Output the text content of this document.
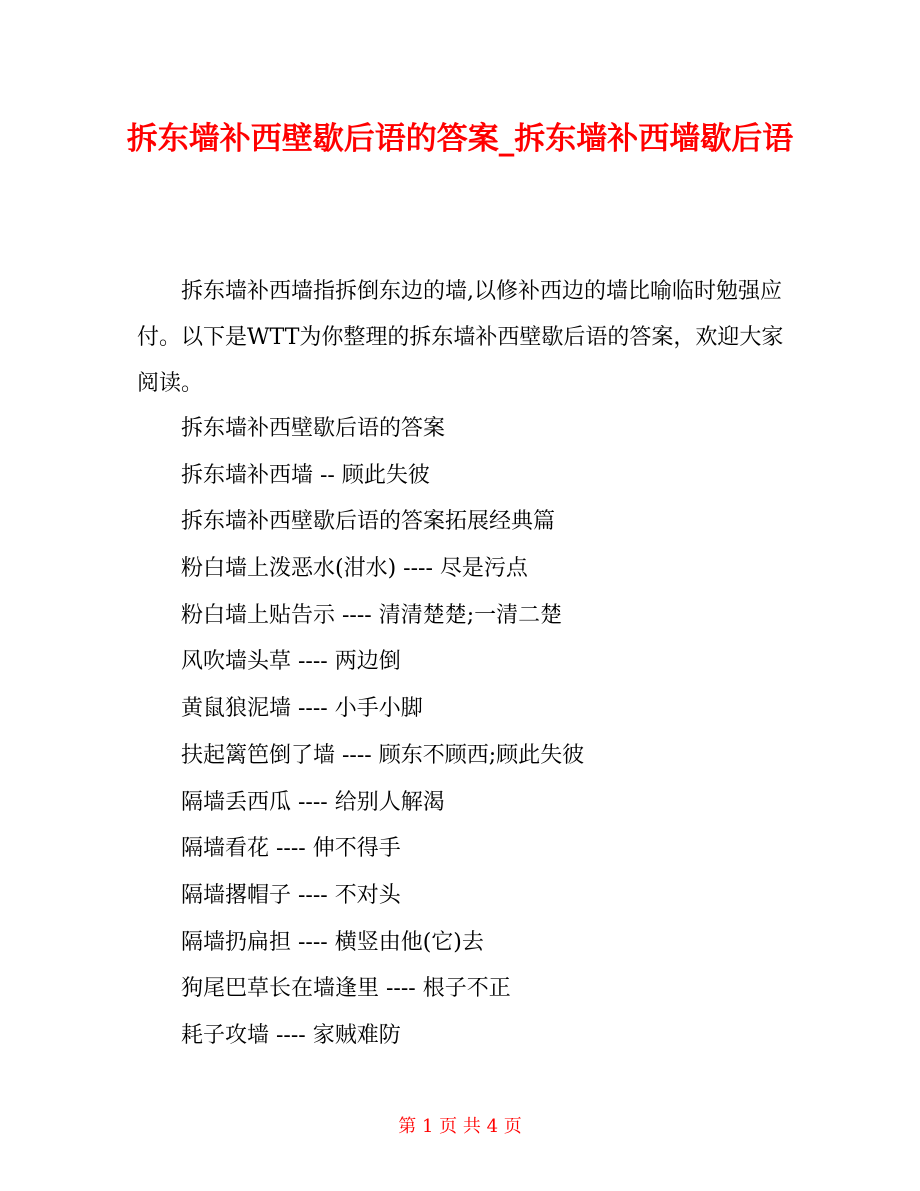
拆东墙补西壁歇后语的答案_拆东墙补西墙歇后语

拆东墙补西墙指拆倒东边的墙,以修补西边的墙比喻临时勉强应付。以下是WTT为你整理的拆东墙补西壁歇后语的答案，欢迎大家阅读。

拆东墙补西壁歇后语的答案
拆东墙补西墙 -- 顾此失彼
拆东墙补西壁歇后语的答案拓展经典篇
粉白墙上泼恶水(泔水) ---- 尽是污点
粉白墙上贴告示 ---- 清清楚楚;一清二楚
风吹墙头草 ---- 两边倒
黄鼠狼泥墙 ---- 小手小脚
扶起篱笆倒了墙 ---- 顾东不顾西;顾此失彼
隔墙丢西瓜 ---- 给别人解渴
隔墙看花 ---- 伸不得手
隔墙撂帽子 ---- 不对头
隔墙扔扁担 ---- 横竖由他(它)去
狗尾巴草长在墙逢里 ---- 根子不正
耗子攻墙 ---- 家贼难防
第 1 页 共 4 页
